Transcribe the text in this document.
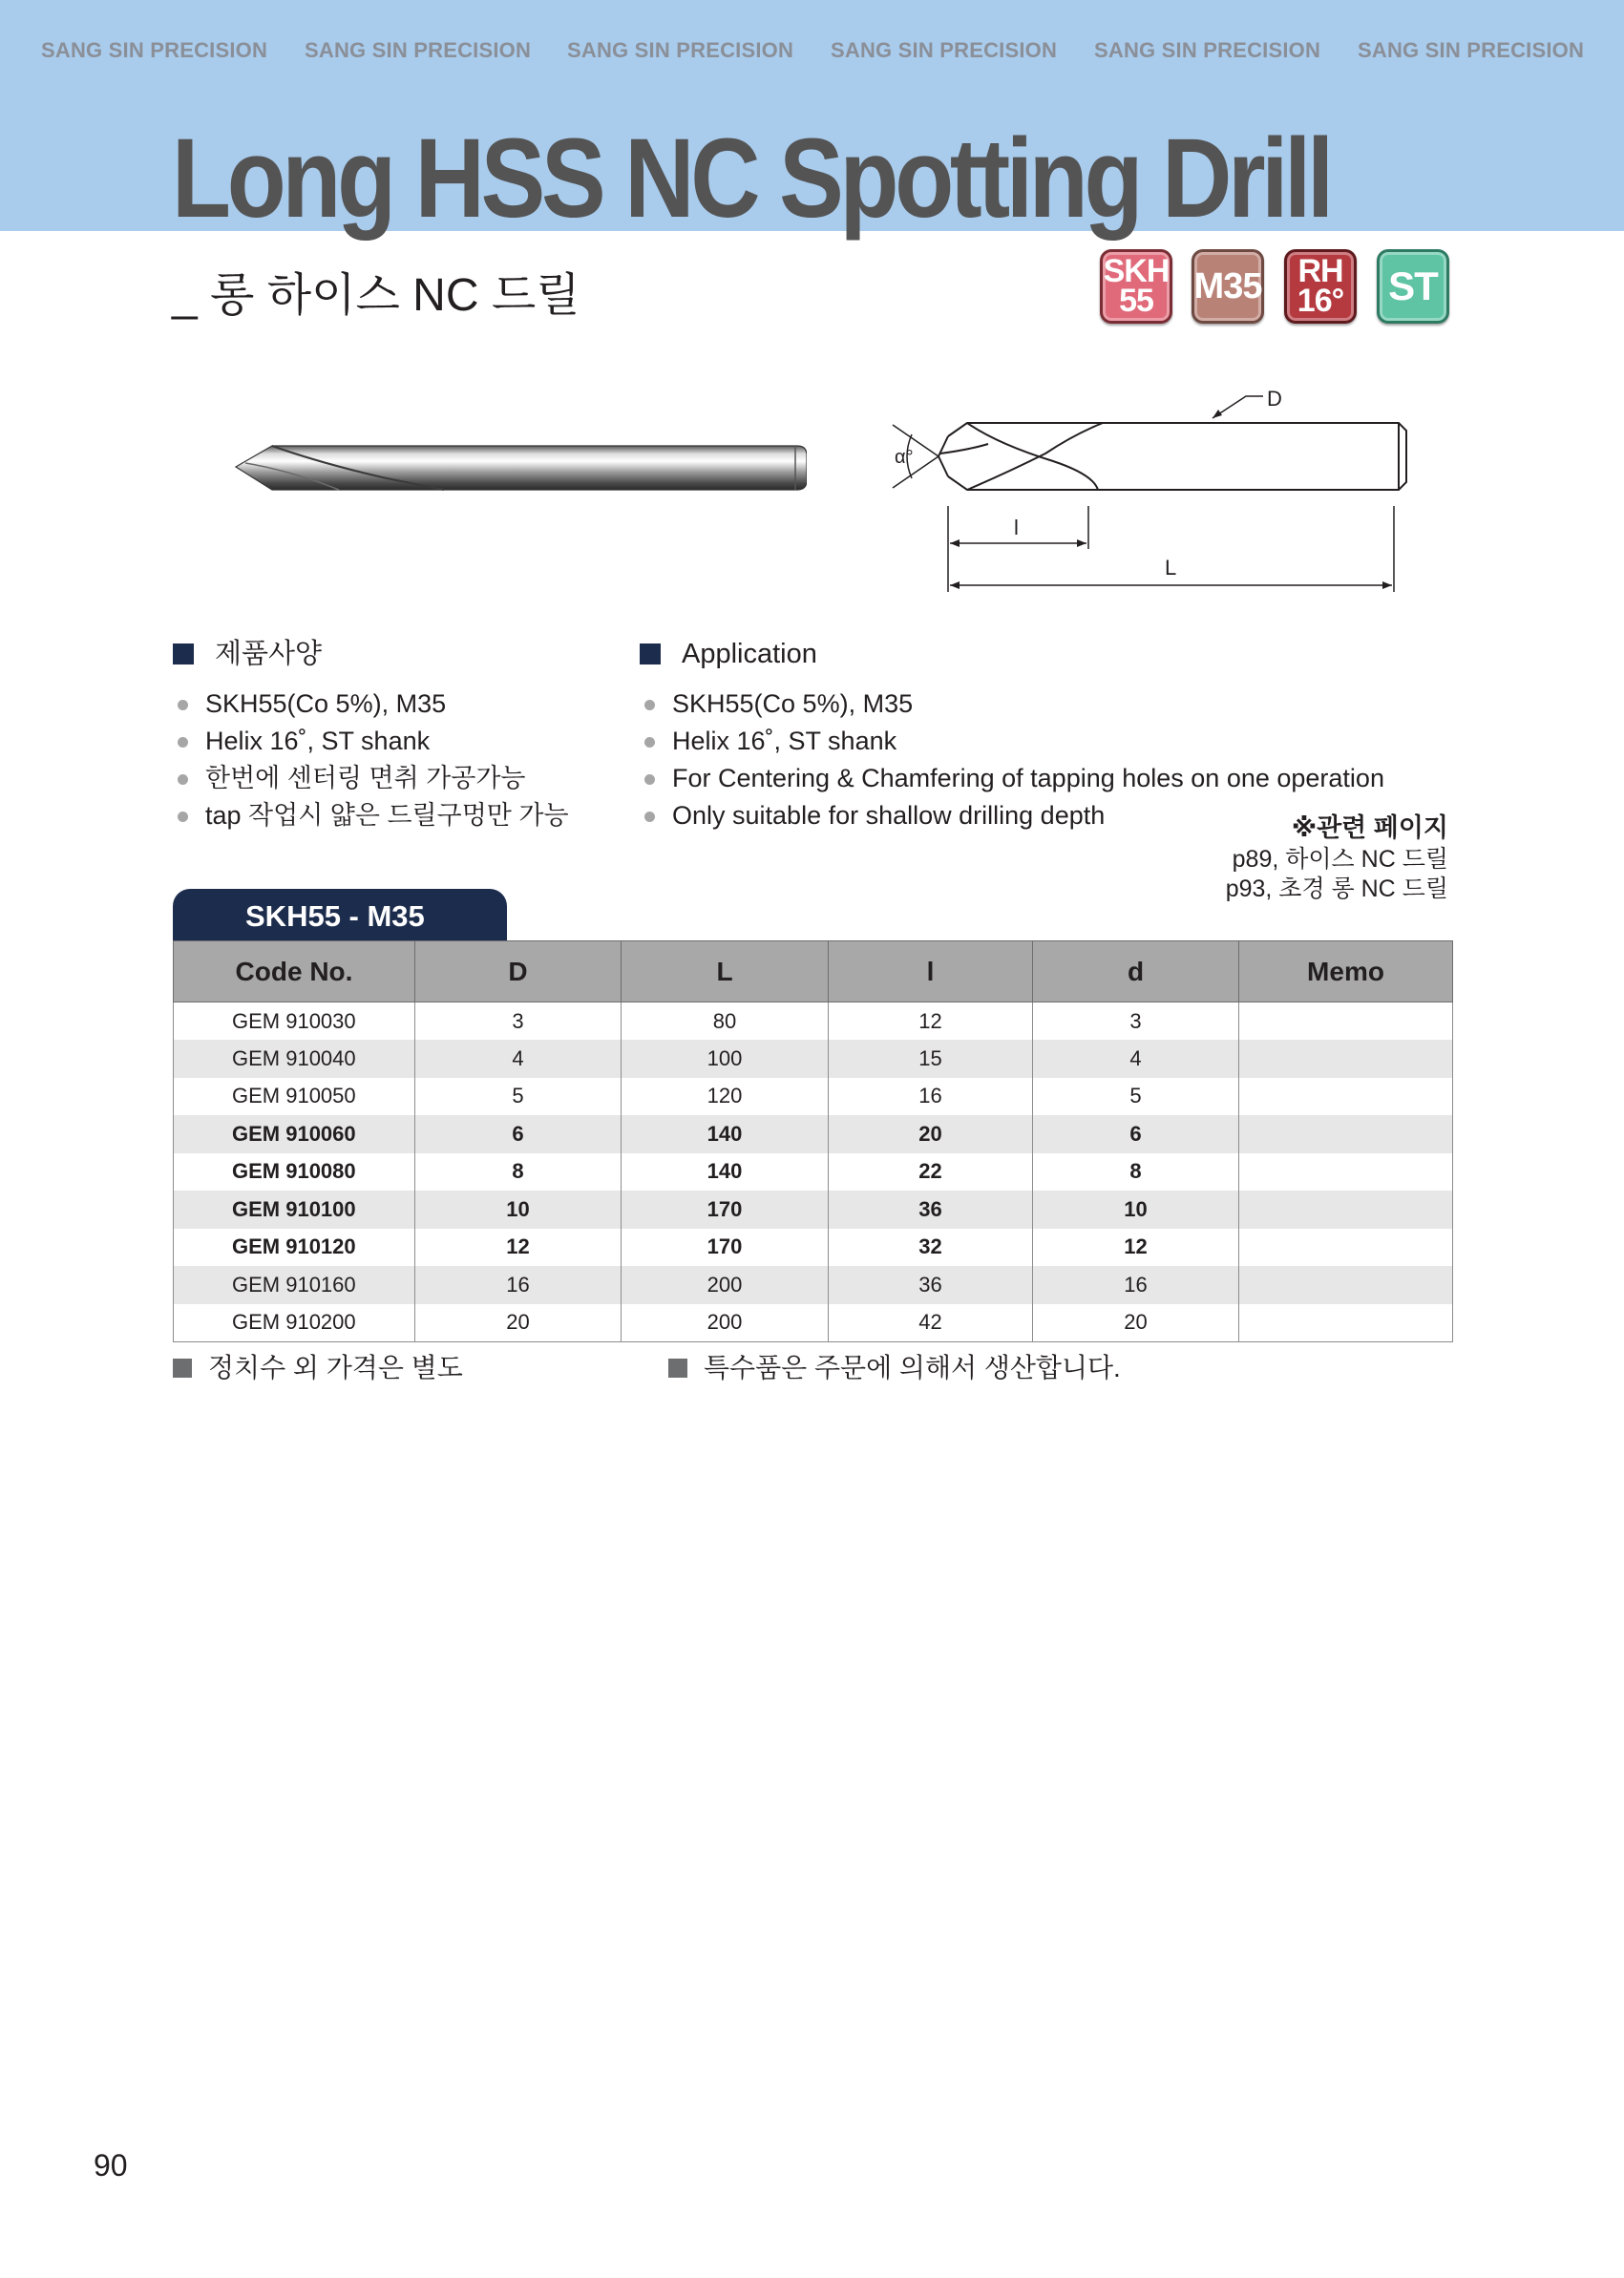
SANG SIN PRECISION SANG SIN PRECISION SANG SIN PRECISION SANG SIN PRECISION SANG SIN PRECISION SANG SIN PRECISION
Long HSS NC Spotting Drill
_ 롱 하이스 NC 드릴	SKH
55 M35 RH
16° ST
D
α°
l
L
제품사양
SKH55(Co 5%), M35
Helix 16˚, ST shank
한번에 센터링 면취 가공가능
tap 작업시 얇은 드릴구멍만 가능
Application
SKH55(Co 5%), M35
Helix 16˚, ST shank
For Centering & Chamfering of tapping holes on one operation
Only suitable for shallow drilling depth	※관련 페이지
p89, 하이스 NC 드릴
p93, 초경 롱 NC 드릴
SKH55 - M35
Code No.	D	L	l	d	Memo
GEM 910030	3	80	12	3	
GEM 910040	4	100	15	4	
GEM 910050	5	120	16	5	
GEM 910060	6	140	20	6	
GEM 910080	8	140	22	8	
GEM 910100	10	170	36	10	
GEM 910120	12	170	32	12	
GEM 910160	16	200	36	16	
GEM 910200	20	200	42	20	
정치수 외 가격은 별도	특수품은 주문에 의해서 생산합니다.
90
